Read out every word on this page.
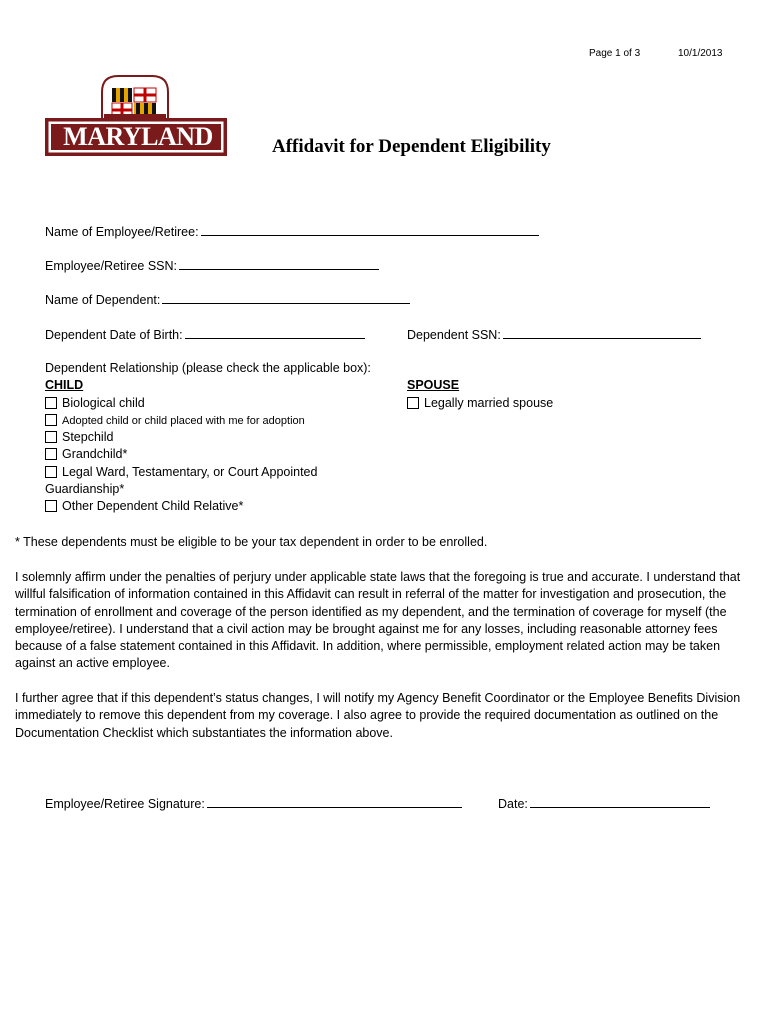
Page 1 of 3	10/1/2013
MARYLAND	Affidavit for Dependent Eligibility
Name of Employee/Retiree:
Employee/Retiree SSN:
Name of Dependent:
Dependent Date of Birth:	Dependent SSN:
Dependent Relationship (please check the applicable box):
CHILD	SPOUSE
Biological child
Adopted child or child placed with me for adoption
Stepchild
Grandchild*
Legal Ward, Testamentary, or Court Appointed
Guardianship*
Other Dependent Child Relative*
Legally married spouse
* These dependents must be eligible to be your tax dependent in order to be enrolled.
I solemnly affirm under the penalties of perjury under applicable state laws that the foregoing is true and accurate. I understand that willful falsification of information contained in this Affidavit can result in referral of the matter for investigation and prosecution, the termination of enrollment and coverage of the person identified as my dependent, and the termination of coverage for myself (the employee/retiree). I understand that a civil action may be brought against me for any losses, including reasonable attorney fees because of a false statement contained in this Affidavit. In addition, where permissible, employment related action may be taken against an active employee.
I further agree that if this dependent’s status changes, I will notify my Agency Benefit Coordinator or the Employee Benefits Division immediately to remove this dependent from my coverage. I also agree to provide the required documentation as outlined on the Documentation Checklist which substantiates the information above.
Employee/Retiree Signature:	Date:
